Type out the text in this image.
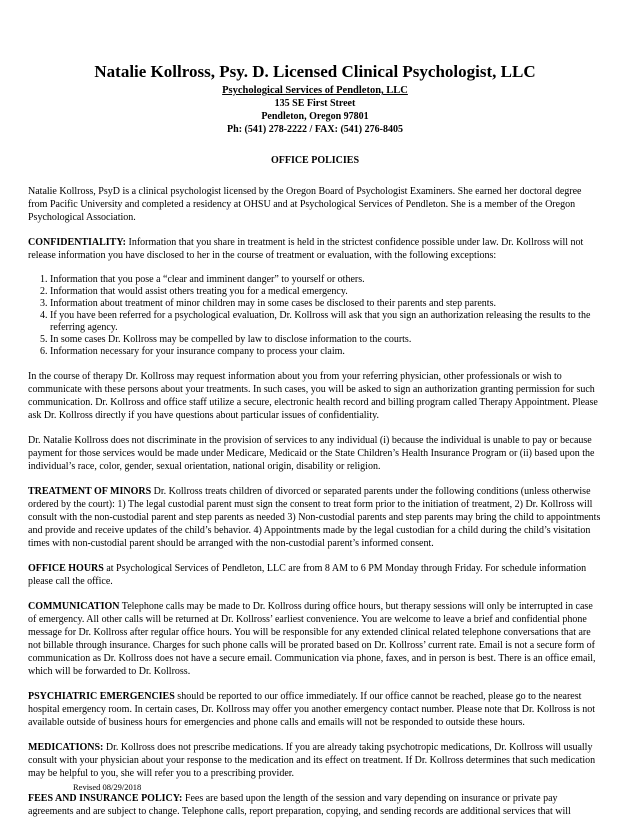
Natalie Kollross, Psy. D. Licensed Clinical Psychologist, LLC
Psychological Services of Pendleton, LLC
135 SE First Street
Pendleton, Oregon 97801
Ph: (541) 278-2222 / FAX: (541) 276-8405
OFFICE POLICIES

Natalie Kollross, PsyD is a clinical psychologist licensed by the Oregon Board of Psychologist Examiners. She earned her doctoral degree from Pacific University and completed a residency at OHSU and at Psychological Services of Pendleton. She is a member of the Oregon Psychological Association.

CONFIDENTIALITY: Information that you share in treatment is held in the strictest confidence possible under law. Dr. Kollross will not release information you have disclosed to her in the course of treatment or evaluation, with the following exceptions:

1. Information that you pose a “clear and imminent danger” to yourself or others.
2. Information that would assist others treating you for a medical emergency.
3. Information about treatment of minor children may in some cases be disclosed to their parents and step parents.
4. If you have been referred for a psychological evaluation, Dr. Kollross will ask that you sign an authorization releasing the results to the referring agency.
5. In some cases Dr. Kollross may be compelled by law to disclose information to the courts.
6. Information necessary for your insurance company to process your claim.

In the course of therapy Dr. Kollross may request information about you from your referring physician, other professionals or wish to communicate with these persons about your treatments. In such cases, you will be asked to sign an authorization granting permission for such communication. Dr. Kollross and office staff utilize a secure, electronic health record and billing program called Therapy Appointment. Please ask Dr. Kollross directly if you have questions about particular issues of confidentiality.

Dr. Natalie Kollross does not discriminate in the provision of services to any individual (i) because the individual is unable to pay or because payment for those services would be made under Medicare, Medicaid or the State Children’s Health Insurance Program or (ii) based upon the individual’s race, color, gender, sexual orientation, national origin, disability or religion.

TREATMENT OF MINORS Dr. Kollross treats children of divorced or separated parents under the following conditions (unless otherwise ordered by the court): 1) The legal custodial parent must sign the consent to treat form prior to the initiation of treatment, 2) Dr. Kollross will consult with the non-custodial parent and step parents as needed 3) Non-custodial parents and step parents may bring the child to appointments and provide and receive updates of the child’s behavior. 4) Appointments made by the legal custodian for a child during the child’s visitation times with non-custodial parent should be arranged with the non-custodial parent’s informed consent.

OFFICE HOURS at Psychological Services of Pendleton, LLC are from 8 AM to 6 PM Monday through Friday. For schedule information please call the office.

COMMUNICATION Telephone calls may be made to Dr. Kollross during office hours, but therapy sessions will only be interrupted in case of emergency. All other calls will be returned at Dr. Kollross’ earliest convenience. You are welcome to leave a brief and confidential phone message for Dr. Kollross after regular office hours. You will be responsible for any extended clinical related telephone conversations that are not billable through insurance. Charges for such phone calls will be prorated based on Dr. Kollross’ current rate. Email is not a secure form of communication as Dr. Kollross does not have a secure email. Communication via phone, faxes, and in person is best. There is an office email, which will be forwarded to Dr. Kollross.

PSYCHIATRIC EMERGENCIES should be reported to our office immediately. If our office cannot be reached, please go to the nearest hospital emergency room. In certain cases, Dr. Kollross may offer you another emergency contact number. Please note that Dr. Kollross is not available outside of business hours for emergencies and phone calls and emails will not be responded to outside these hours.

MEDICATIONS: Dr. Kollross does not prescribe medications. If you are already taking psychotropic medications, Dr. Kollross will usually consult with your physician about your response to the medication and its effect on treatment. If Dr. Kollross determines that such medication may be helpful to you, she will refer you to a prescribing provider.

FEES AND INSURANCE POLICY: Fees are based upon the length of the session and vary depending on insurance or private pay agreements and are subject to change. Telephone calls, report preparation, copying, and sending records are additional services that will

Revised 08/29/2018
